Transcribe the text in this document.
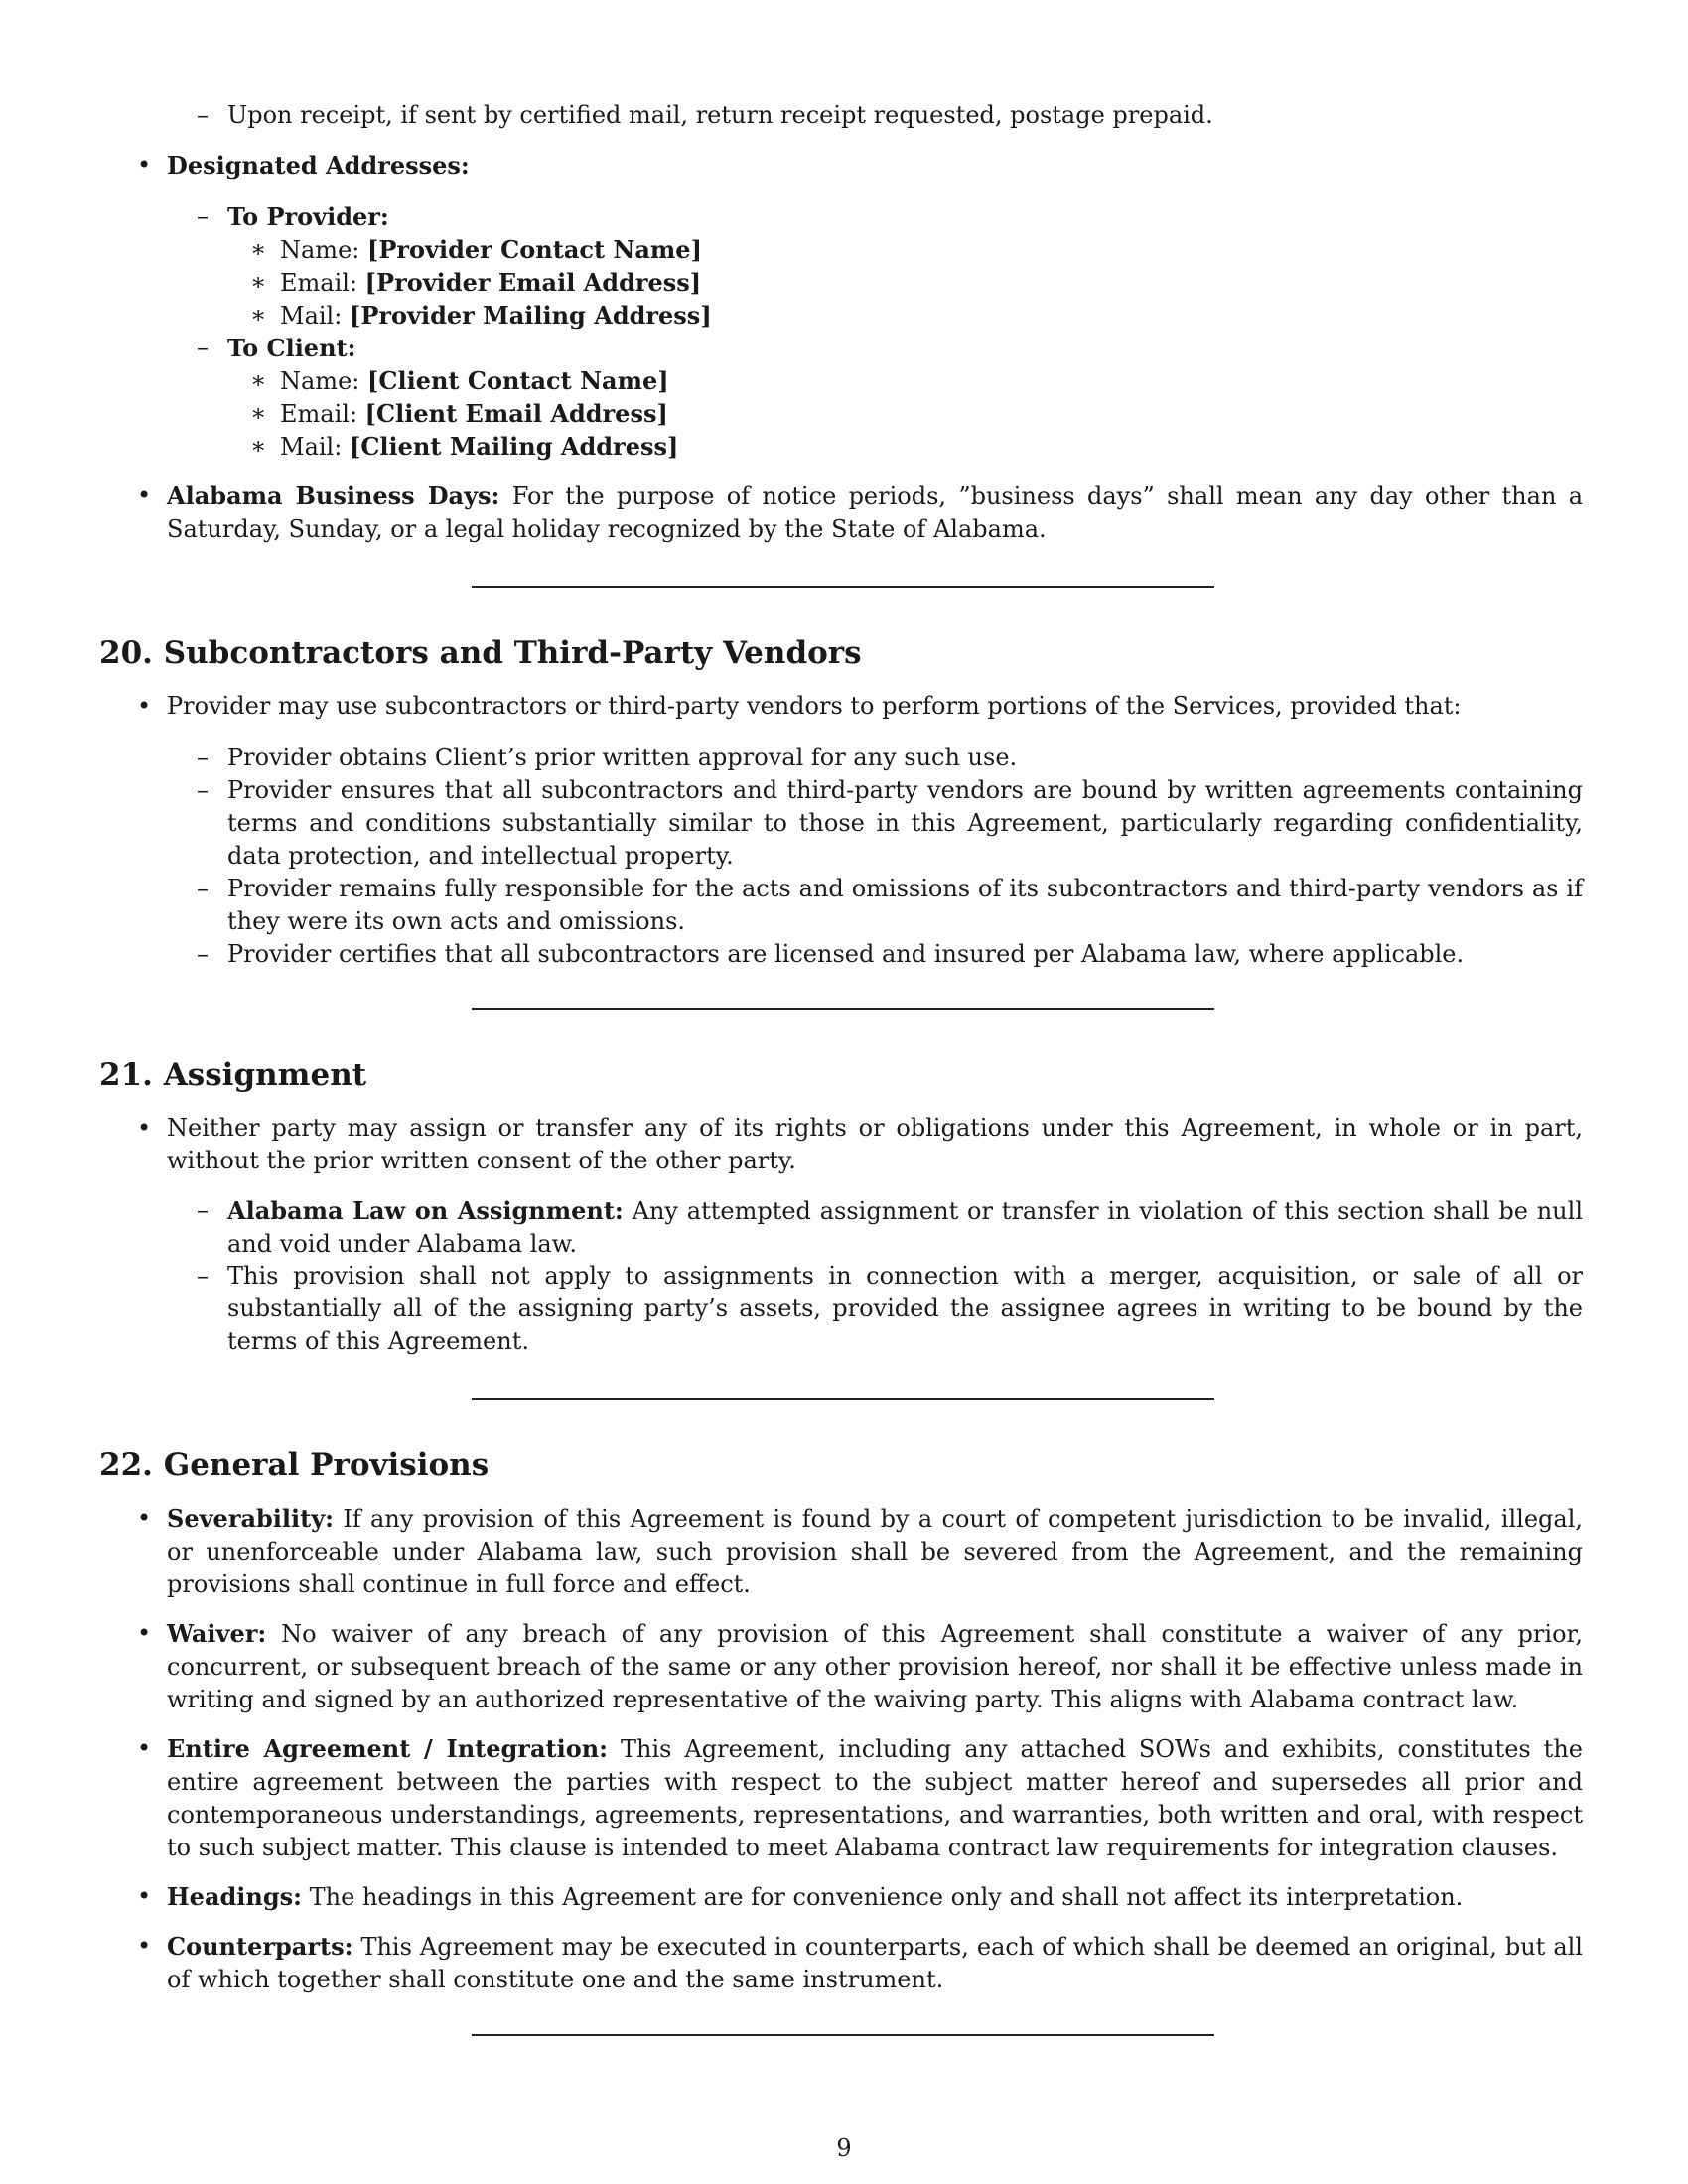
– Upon receipt, if sent by certified mail, return receipt requested, postage prepaid.
• Designated Addresses:
– To Provider:
∗ Name: [Provider Contact Name]
∗ Email: [Provider Email Address]
∗ Mail: [Provider Mailing Address]
– To Client:
∗ Name: [Client Contact Name]
∗ Email: [Client Email Address]
∗ Mail: [Client Mailing Address]
• Alabama Business Days: For the purpose of notice periods, ”business days” shall mean any day other than a Saturday, Sunday, or a legal holiday recognized by the State of Alabama.
20. Subcontractors and Third-Party Vendors
• Provider may use subcontractors or third-party vendors to perform portions of the Services, provided that:
– Provider obtains Client’s prior written approval for any such use.
– Provider ensures that all subcontractors and third-party vendors are bound by written agreements containing terms and conditions substantially similar to those in this Agreement, particularly regarding confidentiality, data protection, and intellectual property.
– Provider remains fully responsible for the acts and omissions of its subcontractors and third-party vendors as if they were its own acts and omissions.
– Provider certifies that all subcontractors are licensed and insured per Alabama law, where applicable.
21. Assignment
• Neither party may assign or transfer any of its rights or obligations under this Agreement, in whole or in part, without the prior written consent of the other party.
– Alabama Law on Assignment: Any attempted assignment or transfer in violation of this section shall be null and void under Alabama law.
– This provision shall not apply to assignments in connection with a merger, acquisition, or sale of all or substantially all of the assigning party’s assets, provided the assignee agrees in writing to be bound by the terms of this Agreement.
22. General Provisions
• Severability: If any provision of this Agreement is found by a court of competent jurisdiction to be invalid, illegal, or unenforceable under Alabama law, such provision shall be severed from the Agreement, and the remaining provisions shall continue in full force and effect.
• Waiver: No waiver of any breach of any provision of this Agreement shall constitute a waiver of any prior, concurrent, or subsequent breach of the same or any other provision hereof, nor shall it be effective unless made in writing and signed by an authorized representative of the waiving party. This aligns with Alabama contract law.
• Entire Agreement / Integration: This Agreement, including any attached SOWs and exhibits, constitutes the entire agreement between the parties with respect to the subject matter hereof and supersedes all prior and contemporaneous understandings, agreements, representations, and warranties, both written and oral, with respect to such subject matter. This clause is intended to meet Alabama contract law requirements for integration clauses.
• Headings: The headings in this Agreement are for convenience only and shall not affect its interpretation.
• Counterparts: This Agreement may be executed in counterparts, each of which shall be deemed an original, but all of which together shall constitute one and the same instrument.
9
